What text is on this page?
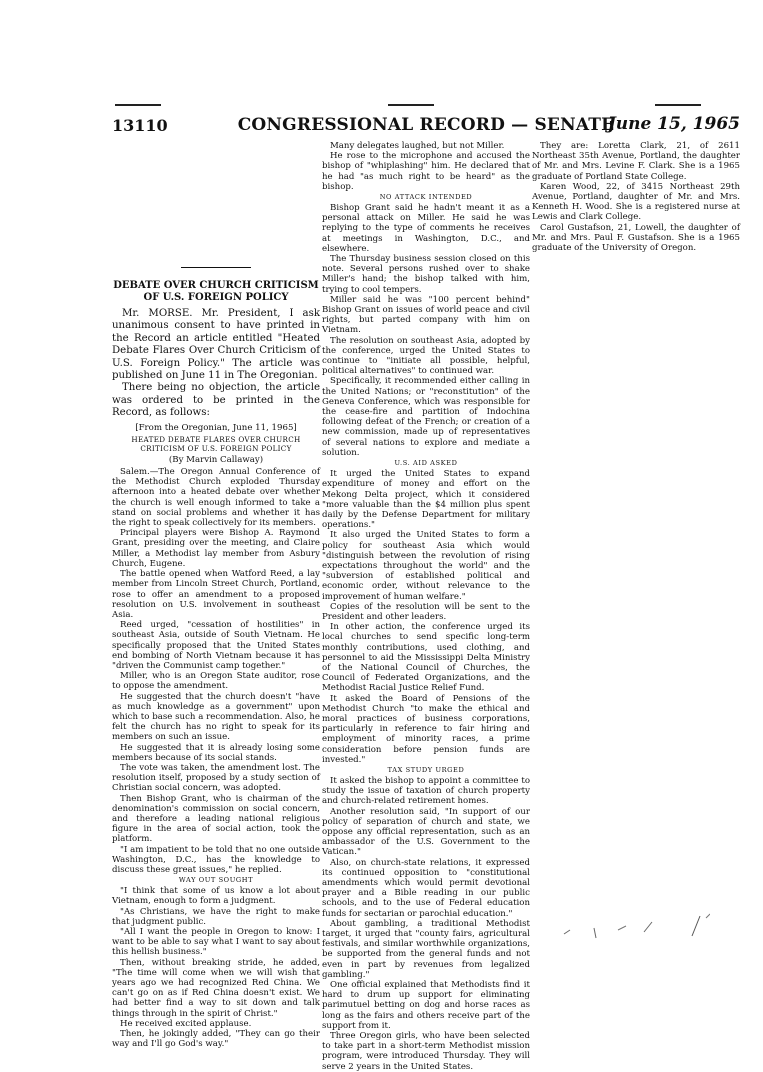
13110	CONGRESSIONAL RECORD — SENATE
June 15, 1965
DEBATE OVER CHURCH CRITICISM OF U.S. FOREIGN POLICY

Mr. MORSE. Mr. President, I ask unanimous consent to have printed in the Record an article entitled "Heated Debate Flares Over Church Criticism of U.S. Foreign Policy." The article was published on June 11 in The Oregonian.

There being no objection, the article was ordered to be printed in the Record, as follows:

[From the Oregonian, June 11, 1965]

HEATED DEBATE FLARES OVER CHURCH CRITICISM OF U.S. FOREIGN POLICY
(By Marvin Callaway)

Salem.—The Oregon Annual Conference of the Methodist Church exploded Thursday afternoon into a heated debate over whether the church is well enough informed to take a stand on social problems and whether it has the right to speak collectively for its members.

Principal players were Bishop A. Raymond Grant, presiding over the meeting, and Claire Miller, a Methodist lay member from Asbury Church, Eugene.

The battle opened when Watford Reed, a lay member from Lincoln Street Church, Portland, rose to offer an amendment to a proposed resolution on U.S. involvement in southeast Asia.

Reed urged, "cessation of hostilities" in southeast Asia, outside of South Vietnam. He specifically proposed that the United States end bombing of North Vietnam because it has "driven the Communist camp together."

Miller, who is an Oregon State auditor, rose to oppose the amendment.

He suggested that the church doesn't "have as much knowledge as a government" upon which to base such a recommendation. Also, he felt the church has no right to speak for its members on such an issue.

He suggested that it is already losing some members because of its social stands.

The vote was taken, the amendment lost. The resolution itself, proposed by a study section of Christian social concern, was adopted.

Then Bishop Grant, who is chairman of the denomination's commission on social concern, and therefore a leading national religious figure in the area of social action, took the platform.

"I am impatient to be told that no one outside Washington, D.C., has the knowledge to discuss these great issues," he replied.

WAY OUT SOUGHT

"I think that some of us know a lot about Vietnam, enough to form a judgment.

"As Christians, we have the right to make that judgment public.

"All I want the people in Oregon to know: I want to be able to say what I want to say about this hellish business."

Then, without breaking stride, he added, "The time will come when we will wish that years ago we had recognized Red China. We can't go on as if Red China doesn't exist. We had better find a way to sit down and talk things through in the spirit of Christ."

He received excited applause.

Then, he jokingly added, "They can go their way and I'll go God's way."

Many delegates laughed, but not Miller.

He rose to the microphone and accused the bishop of "whiplashing" him. He declared that he had "as much right to be heard" as the bishop.

NO ATTACK INTENDED

Bishop Grant said he hadn't meant it as a personal attack on Miller. He said he was replying to the type of comments he receives at meetings in Washington, D.C., and elsewhere.

The Thursday business session closed on this note. Several persons rushed over to shake Miller's hand; the bishop talked with him, trying to cool tempers.

Miller said he was "100 percent behind" Bishop Grant on issues of world peace and civil rights, but parted company with him on Vietnam.

The resolution on southeast Asia, adopted by the conference, urged the United States to continue to "initiate all possible, helpful, political alternatives" to continued war.

Specifically, it recommended either calling in the United Nations; or "reconstitution" of the Geneva Conference, which was responsible for the cease-fire and partition of Indochina following defeat of the French; or creation of a new commission, made up of representatives of several nations to explore and mediate a solution.

U.S. AID ASKED

It urged the United States to expand expenditure of money and effort on the Mekong Delta project, which it considered "more valuable than the $4 million plus spent daily by the Defense Department for military operations."

It also urged the United States to form a policy for southeast Asia which would "distinguish between the revolution of rising expectations throughout the world" and the "subversion of established political and economic order, without relevance to the improvement of human welfare."

Copies of the resolution will be sent to the President and other leaders.

In other action, the conference urged its local churches to send specific long-term monthly contributions, used clothing, and personnel to aid the Mississippi Delta Ministry of the National Council of Churches, the Council of Federated Organizations, and the Methodist Racial Justice Relief Fund.

It asked the Board of Pensions of the Methodist Church "to make the ethical and moral practices of business corporations, particularly in reference to fair hiring and employment of minority races, a prime consideration before pension funds are invested."

TAX STUDY URGED

It asked the bishop to appoint a committee to study the issue of taxation of church property and church-related retirement homes.

Another resolution said, "In support of our policy of separation of church and state, we oppose any official representation, such as an ambassador of the U.S. Government to the Vatican."

Also, on church-state relations, it expressed its continued opposition to "constitutional amendments which would permit devotional prayer and a Bible reading in our public schools, and to the use of Federal education funds for sectarian or parochial education."

About gambling, a traditional Methodist target, it urged that "county fairs, agricultural festivals, and similar worthwhile organizations, be supported from the general funds and not even in part by revenues from legalized gambling."

One official explained that Methodists find it hard to drum up support for eliminating parimutuel betting on dog and horse races as long as the fairs and others receive part of the support from it.

Three Oregon girls, who have been selected to take part in a short-term Methodist mission program, were introduced Thursday. They will serve 2 years in the United States.

They are: Loretta Clark, 21, of 2611 Northeast 35th Avenue, Portland, the daughter of Mr. and Mrs. Levine F. Clark. She is a 1965 graduate of Portland State College.

Karen Wood, 22, of 3415 Northeast 29th Avenue, Portland, daughter of Mr. and Mrs. Kenneth H. Wood. She is a registered nurse at Lewis and Clark College.

Carol Gustafson, 21, Lowell, the daughter of Mr. and Mrs. Paul F. Gustafson. She is a 1965 graduate of the University of Oregon.
